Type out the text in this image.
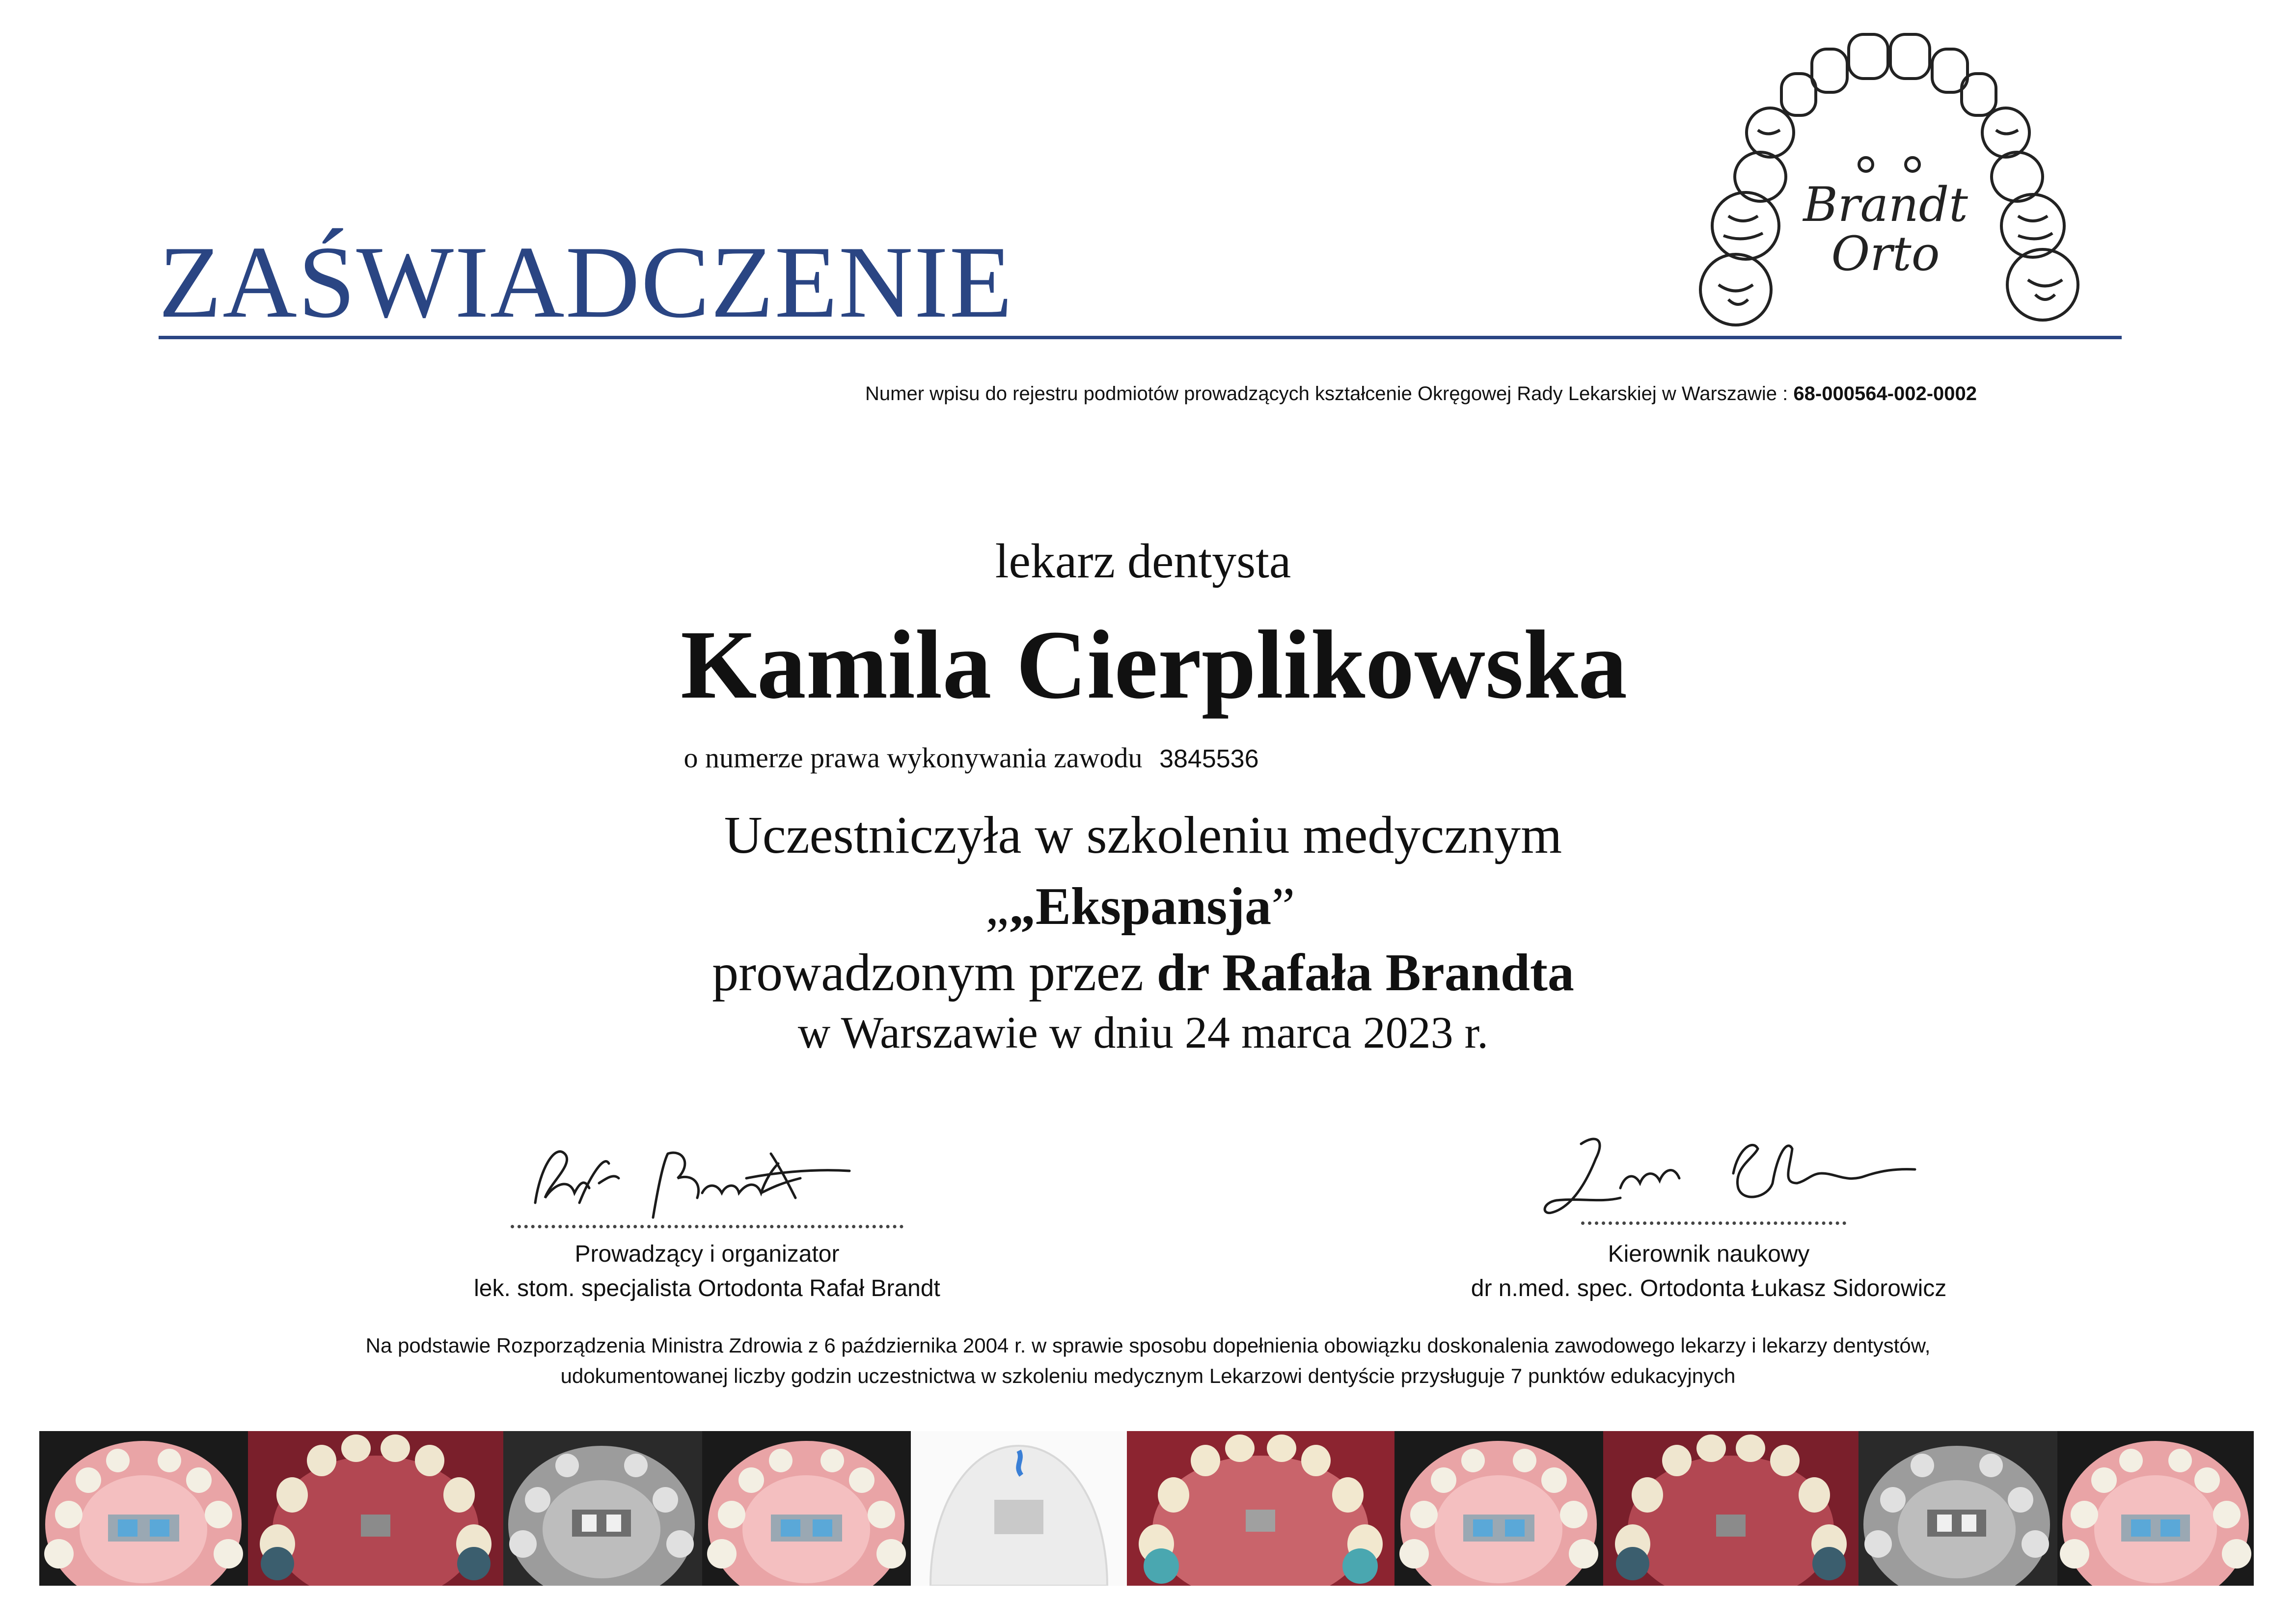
ZAŚWIADCZENIE
Brandt
Orto
Numer wpisu do rejestru podmiotów prowadzących kształcenie Okręgowej Rady Lekarskiej w Warszawie : 68-000564-002-0002
lekarz dentysta
Kamila Cierplikowska
o numerze prawa wykonywania zawodu 3845536
Uczestniczyła w szkoleniu medycznym
„„Ekspansja”
prowadzonym przez dr Rafała Brandta
w Warszawie w dniu 24 marca 2023 r.
Prowadzący i organizator
lek. stom. specjalista Ortodonta Rafał Brandt
Kierownik naukowy
dr n.med. spec. Ortodonta Łukasz Sidorowicz
Na podstawie Rozporządzenia Ministra Zdrowia z 6 października 2004 r. w sprawie sposobu dopełnienia obowiązku doskonalenia zawodowego lekarzy i lekarzy dentystów,
udokumentowanej liczby godzin uczestnictwa w szkoleniu medycznym Lekarzowi dentyście przysługuje 7 punktów edukacyjnych
